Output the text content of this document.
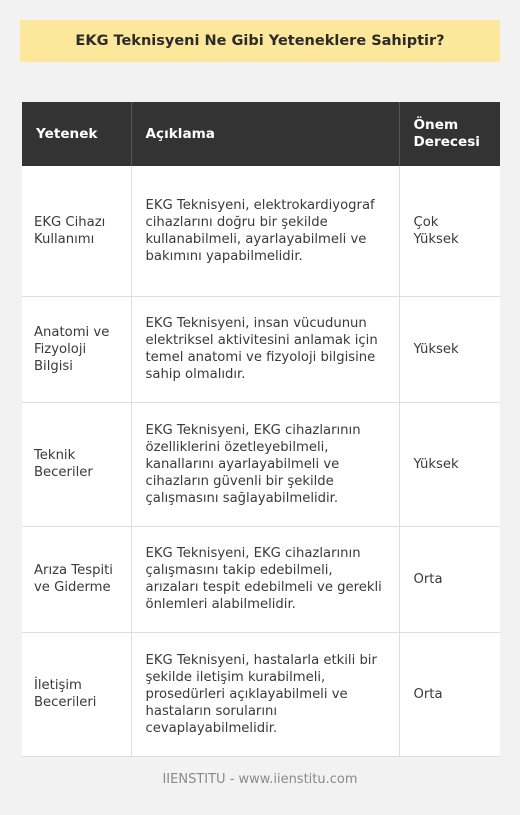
EKG Teknisyeni Ne Gibi Yeteneklere Sahiptir?
Yetenek	Açıklama	Önem Derecesi
EKG Cihazı Kullanımı	EKG Teknisyeni, elektrokardiyograf cihazlarını doğru bir şekilde kullanabilmeli, ayarlayabilmeli ve bakımını yapabilmelidir.	Çok Yüksek
Anatomi ve Fizyoloji Bilgisi	EKG Teknisyeni, insan vücudunun elektriksel aktivitesini anlamak için temel anatomi ve fizyoloji bilgisine sahip olmalıdır.	Yüksek
Teknik Beceriler	EKG Teknisyeni, EKG cihazlarının özelliklerini özetleyebilmeli, kanallarını ayarlayabilmeli ve cihazların güvenli bir şekilde çalışmasını sağlayabilmelidir.	Yüksek
Arıza Tespiti ve Giderme	EKG Teknisyeni, EKG cihazlarının çalışmasını takip edebilmeli, arızaları tespit edebilmeli ve gerekli önlemleri alabilmelidir.	Orta
İletişim Becerileri	EKG Teknisyeni, hastalarla etkili bir şekilde iletişim kurabilmeli, prosedürleri açıklayabilmeli ve hastaların sorularını cevaplayabilmelidir.	Orta
IIENSTITU - www.iienstitu.com
